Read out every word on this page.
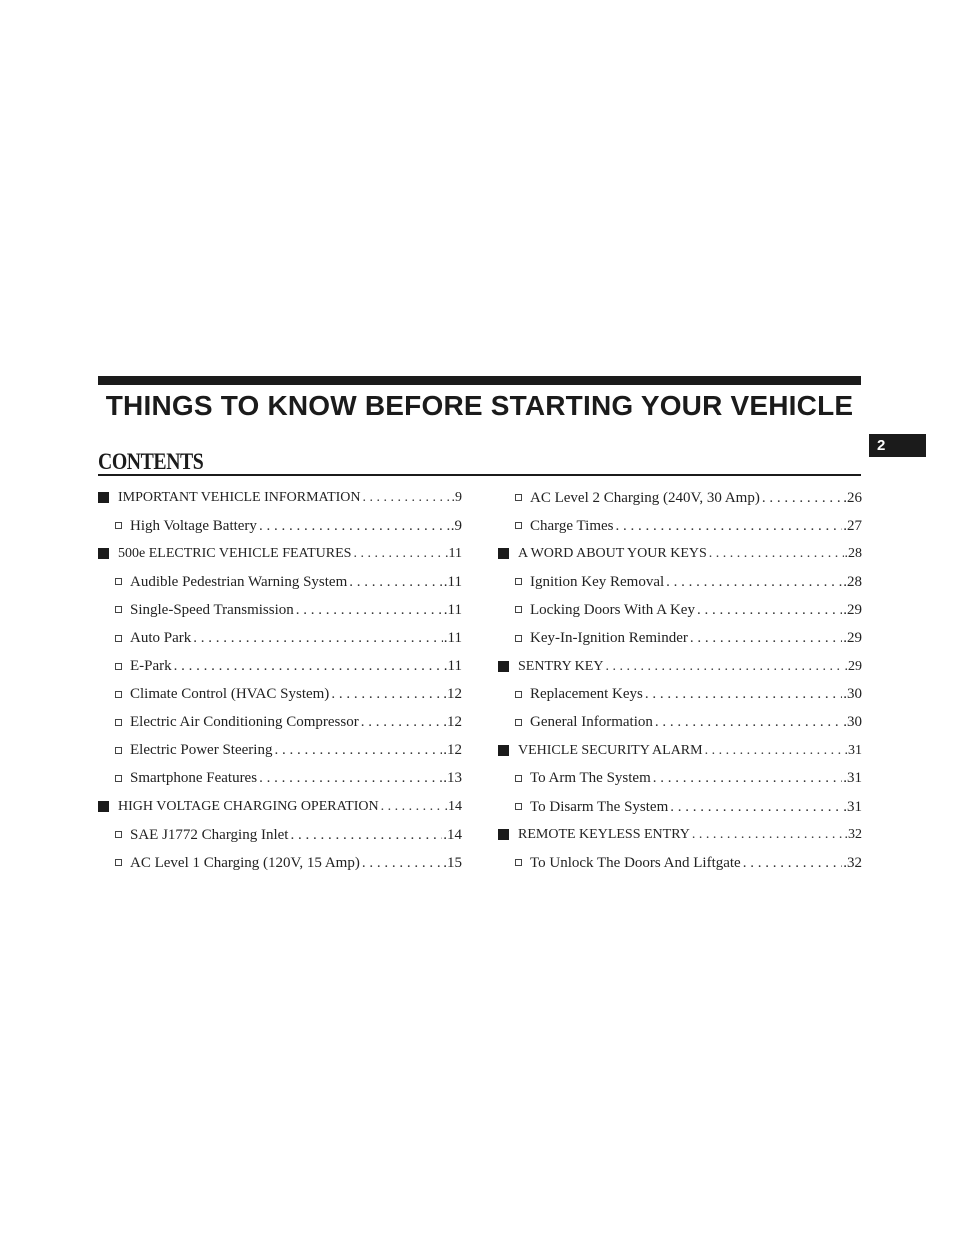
THINGS TO KNOW BEFORE STARTING YOUR VEHICLE
2
CONTENTS
IMPORTANT VEHICLE INFORMATION . . .	.9
High Voltage Battery . . .	.9
500e ELECTRIC VEHICLE FEATURES . . .	.11
Audible Pedestrian Warning System . . .	.11
Single-Speed Transmission . . .	.11
Auto Park . . .	.11
E-Park . . .	.11
Climate Control (HVAC System) . . .	.12
Electric Air Conditioning Compressor . . .	.12
Electric Power Steering . . .	.12
Smartphone Features . . .	.13
HIGH VOLTAGE CHARGING OPERATION . . .	.14
SAE J1772 Charging Inlet . . .	.14
AC Level 1 Charging (120V, 15 Amp) . . .	.15
AC Level 2 Charging (240V, 30 Amp) . . .	.26
Charge Times . . .	.27
A WORD ABOUT YOUR KEYS . . .	.28
Ignition Key Removal . . .	.28
Locking Doors With A Key . . .	.29
Key-In-Ignition Reminder . . .	.29
SENTRY KEY . . .	.29
Replacement Keys . . .	.30
General Information . . .	.30
VEHICLE SECURITY ALARM . . .	.31
To Arm The System . . .	.31
To Disarm The System . . .	.31
REMOTE KEYLESS ENTRY . . .	.32
To Unlock The Doors And Liftgate . . .	.32
